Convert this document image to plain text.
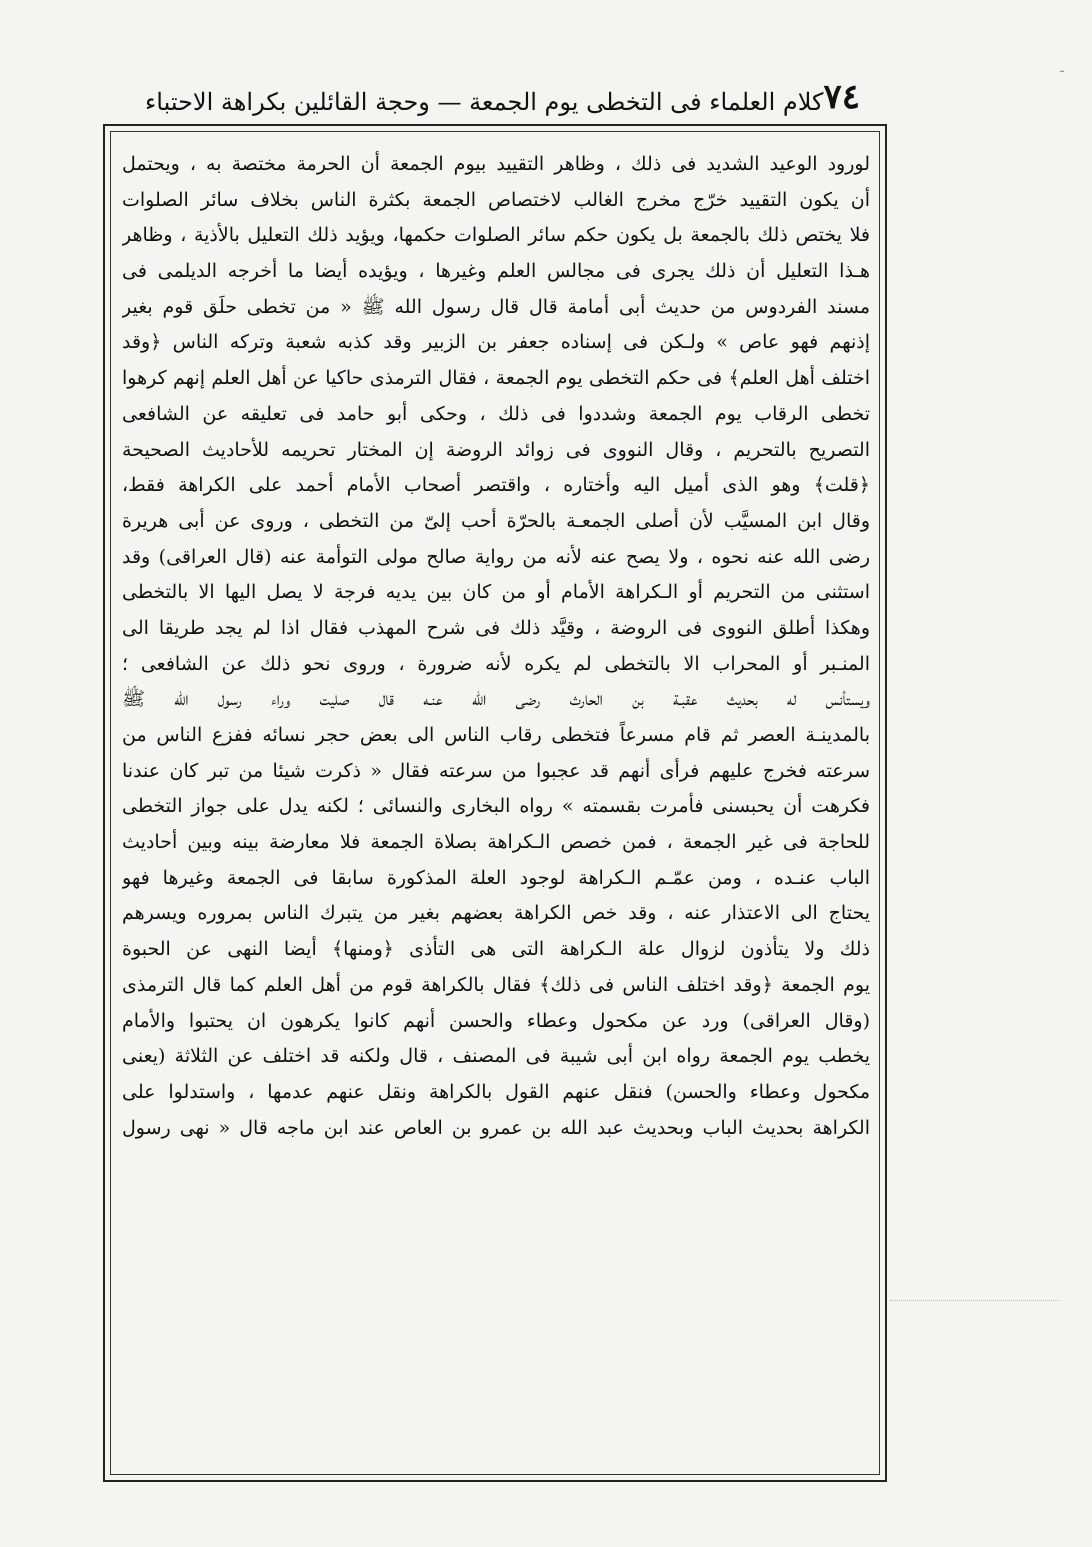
ـ
٧٤
كلام العلماء فى التخطى يوم الجمعة — وحجة القائلين بكراهة الاحتباء
لورود الوعيد الشديد فى ذلك ، وظاهر التقييد بيوم الجمعة أن الحرمة مختصة به ، ويحتمل
أن يكون التقييد خرّج مخرج الغالب لاختصاص الجمعة بكثرة الناس بخلاف سائر الصلوات
فلا يختص ذلك بالجمعة بل يكون حكم سائر الصلوات حكمها، ويؤيد ذلك التعليل بالأذية ، وظاهر
هـذا التعليل أن ذلك يجرى فى مجالس العلم وغيرها ، ويؤيده أيضا ما أخرجه الديلمى فى
مسند الفردوس من حديث أبى أمامة قال قال رسول الله ﷺ « من تخطى حلَق قوم بغير
إذنهم فهو عاص » ولـكن فى إسناده جعفر بن الزبير وقد كذبه شعبة وتركه الناس ﴿وقد
اختلف أهل العلم﴾ فى حكم التخطى يوم الجمعة ، فقال الترمذى حاكيا عن أهل العلم إنهم كرهوا
تخطى الرقاب يوم الجمعة وشددوا فى ذلك ، وحكى أبو حامد فى تعليقه عن الشافعى
التصريح بالتحريم ، وقال النووى فى زوائد الروضة إن المختار تحريمه للأحاديث الصحيحة
﴿قلت﴾ وهو الذى أميل اليه وأختاره ، واقتصر أصحاب الأمام أحمد على الكراهة فقط،
وقال ابن المسيَّب لأن أصلى الجمعـة بالحرّة أحب إلىّ من التخطى ، وروى عن أبى هريرة
رضى الله عنه نحوه ، ولا يصح عنه لأنه من رواية صالح مولى التوأمة عنه (قال العراقى) وقد
استثنى من التحريم أو الـكراهة الأمام أو من كان بين يديه فرجة لا يصل اليها الا بالتخطى
وهكذا أطلق النووى فى الروضة ، وقيَّد ذلك فى شرح المهذب فقال اذا لم يجد طريقا الى
المنـبر أو المحراب الا بالتخطى لم يكره لأنه ضرورة ، وروى نحو ذلك عن الشافعى ؛
ويستأنس له بحديث عقبـة بن الحارث رضى الله عنـه قال صليت وراء رسول الله ﷺ
بالمدينـة العصر ثم قام مسرعاً فتخطى رقاب الناس الى بعض حجر نسائه ففزع الناس من
سرعته فخرج عليهم فرأى أنهم قد عجبوا من سرعته فقال « ذكرت شيئا من تبر كان عندنا
فكرهت أن يحبسنى فأمرت بقسمته » رواه البخارى والنسائى ؛ لكنه يدل على جواز التخطى
للحاجة فى غير الجمعة ، فمن خصص الـكراهة بصلاة الجمعة فلا معارضة بينه وبين أحاديث
الباب عنـده ، ومن عمّـم الـكراهة لوجود العلة المذكورة سابقا فى الجمعة وغيرها فهو
يحتاج الى الاعتذار عنه ، وقد خص الكراهة بعضهم بغير من يتبرك الناس بمروره ويسرهم
ذلك ولا يتأذون لزوال علة الـكراهة التى هى التأذى ﴿ومنها﴾ أيضا النهى عن الحبوة
يوم الجمعة ﴿وقد اختلف الناس فى ذلك﴾ فقال بالكراهة قوم من أهل العلم كما قال الترمذى
(وقال العراقى) ورد عن مكحول وعطاء والحسن أنهم كانوا يكرهون ان يحتبوا والأمام
يخطب يوم الجمعة رواه ابن أبى شيبة فى المصنف ، قال ولكنه قد اختلف عن الثلاثة (يعنى
مكحول وعطاء والحسن) فنقل عنهم القول بالكراهة ونقل عنهم عدمها ، واستدلوا على
الكراهة بحديث الباب وبحديث عبد الله بن عمرو بن العاص عند ابن ماجه قال « نهى رسول
